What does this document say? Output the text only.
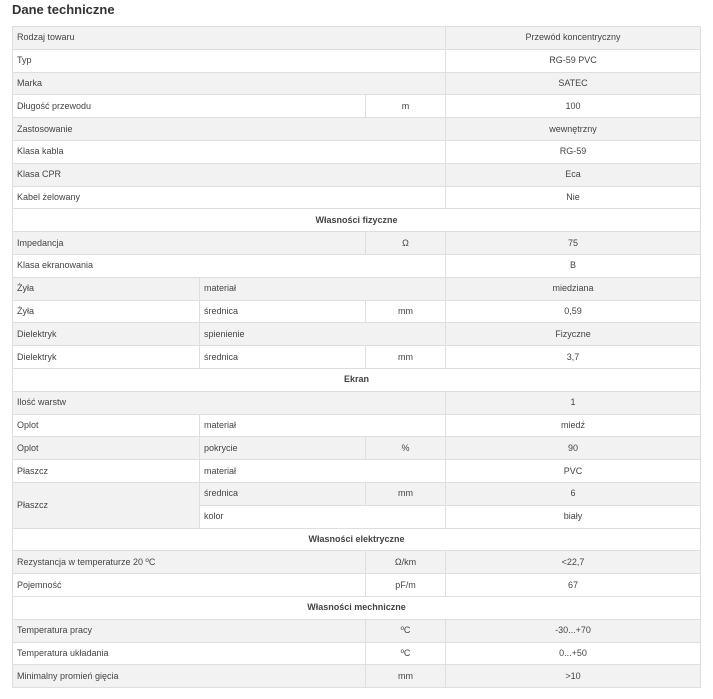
Dane techniczne
Rodzaj towaru			Przewód koncentryczny
Typ			RG-59 PVC
Marka			SATEC
Długość przewodu		m	100
Zastosowanie			wewnętrzny
Klasa kabla			RG-59
Klasa CPR			Eca
Kabel żelowany			Nie
Własności fizyczne			
Impedancja		Ω	75
Klasa ekranowania			B
Żyła	materiał		miedziana
Żyła	średnica	mm	0,59
Dielektryk	spienienie		Fizyczne
Dielektryk	średnica	mm	3,7
Ekran			
Ilość warstw			1
Oplot	materiał		miedź
Oplot	pokrycie	%	90
Płaszcz	materiał		PVC
Płaszcz	średnica	mm	6
	kolor		biały
Własności elektryczne			
Rezystancja w temperaturze 20 ºC		Ω/km	<22,7
Pojemność		pF/m	67
Własności mechniczne			
Temperatura pracy		ºC	-30...+70
Temperatura układania		ºC	0...+50
Minimalny promień gięcia		mm	>10
